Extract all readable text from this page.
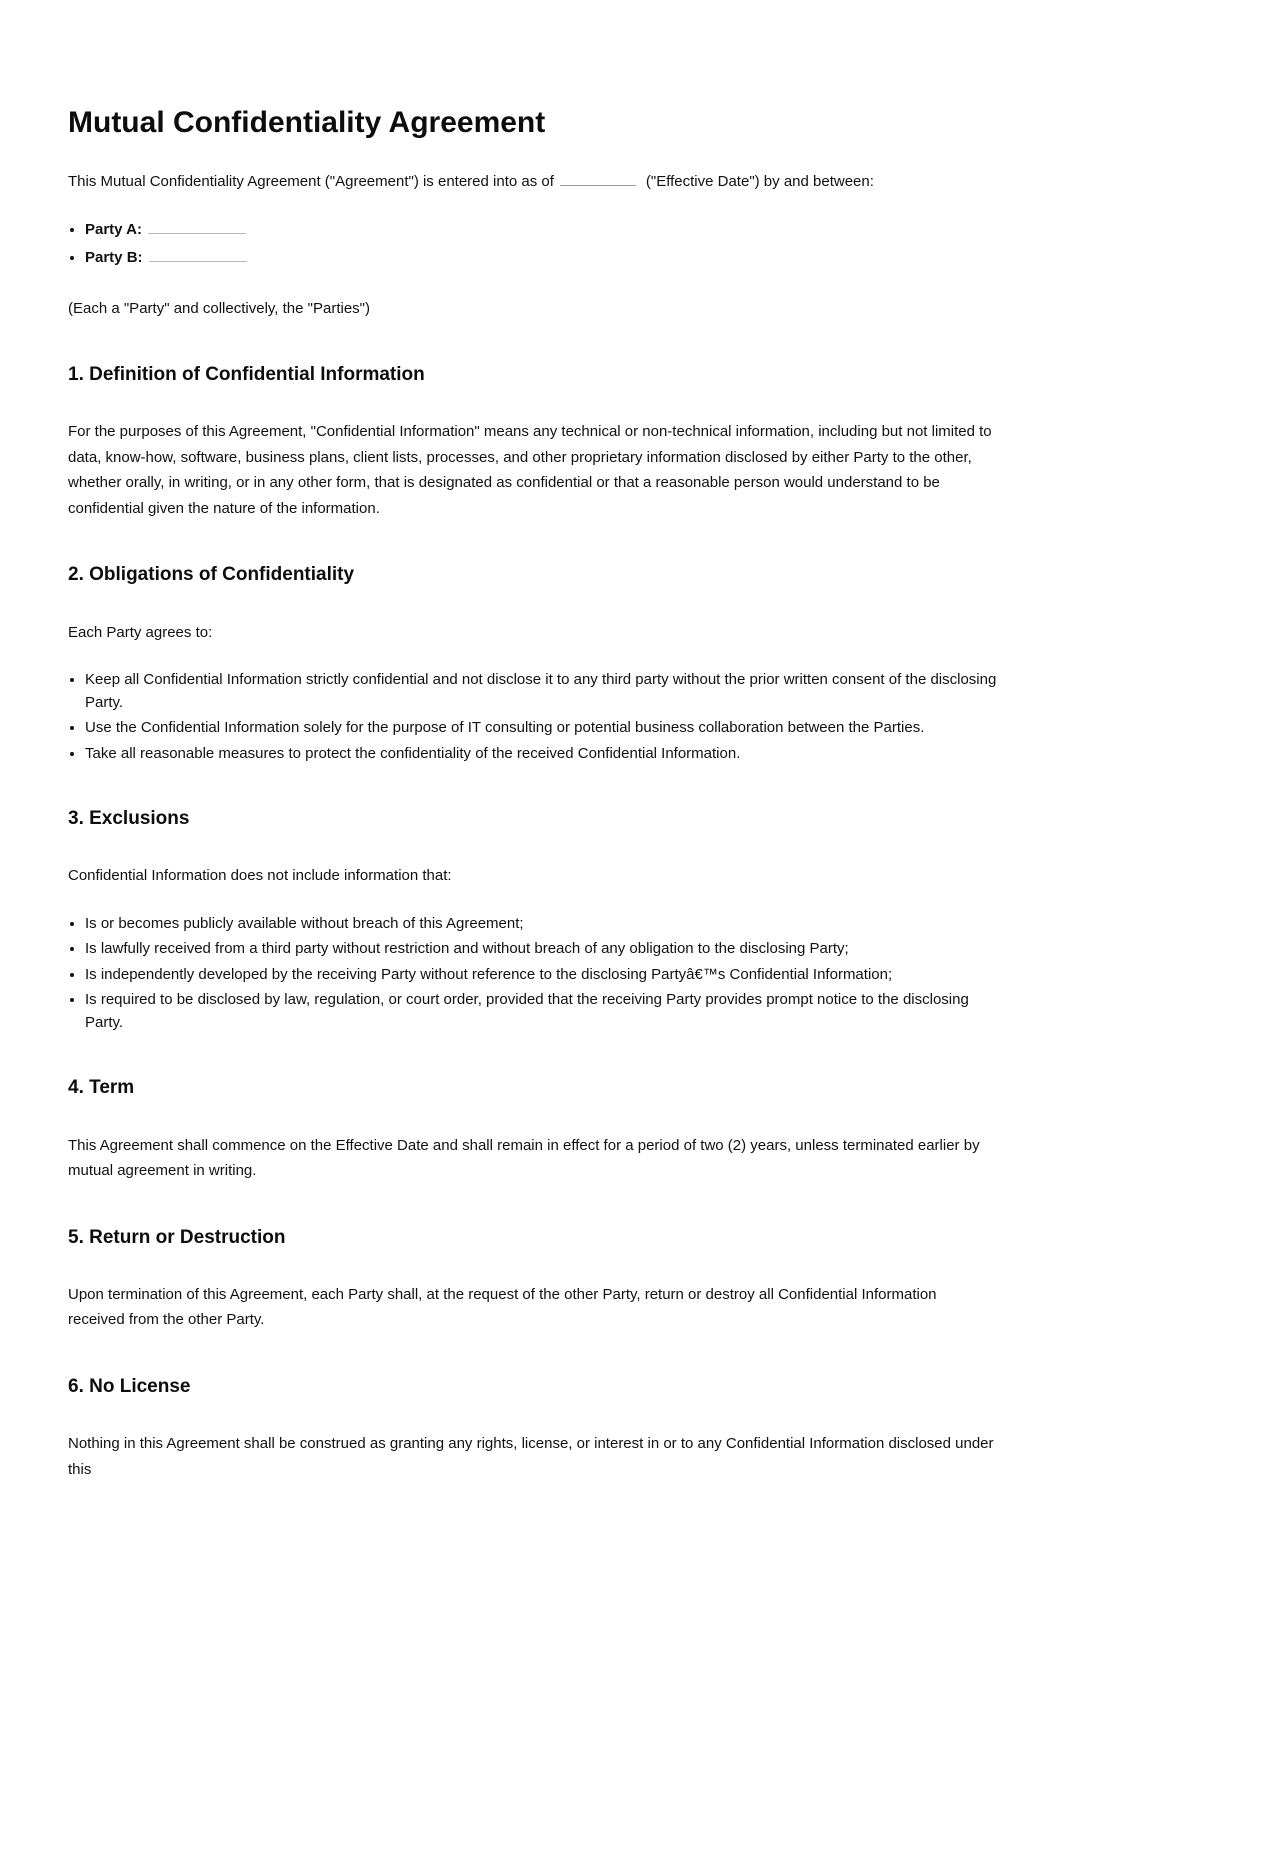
Mutual Confidentiality Agreement

This Mutual Confidentiality Agreement ("Agreement") is entered into as of	("Effective Date") by and between:

• Party A:
• Party B:

(Each a "Party" and collectively, the "Parties")

1. Definition of Confidential Information

For the purposes of this Agreement, "Confidential Information" means any technical or non-technical information, including but not limited to data, know-how, software, business plans, client lists, processes, and other proprietary information disclosed by either Party to the other, whether orally, in writing, or in any other form, that is designated as confidential or that a reasonable person would understand to be confidential given the nature of the information.

2. Obligations of Confidentiality

Each Party agrees to:

• Keep all Confidential Information strictly confidential and not disclose it to any third party without the prior written consent of the disclosing Party.
• Use the Confidential Information solely for the purpose of IT consulting or potential business collaboration between the Parties.
• Take all reasonable measures to protect the confidentiality of the received Confidential Information.
3. Exclusions

Confidential Information does not include information that:

• Is or becomes publicly available without breach of this Agreement;
• Is lawfully received from a third party without restriction and without breach of any obligation to the disclosing Party;
• Is independently developed by the receiving Party without reference to the disclosing Partyâ€™s Confidential Information;
• Is required to be disclosed by law, regulation, or court order, provided that the receiving Party provides prompt notice to the disclosing Party.
4. Term

This Agreement shall commence on the Effective Date and shall remain in effect for a period of two (2) years, unless terminated earlier by mutual agreement in writing.

5. Return or Destruction

Upon termination of this Agreement, each Party shall, at the request of the other Party, return or destroy all Confidential Information received from the other Party.

6. No License

Nothing in this Agreement shall be construed as granting any rights, license, or interest in or to any Confidential Information disclosed under this
